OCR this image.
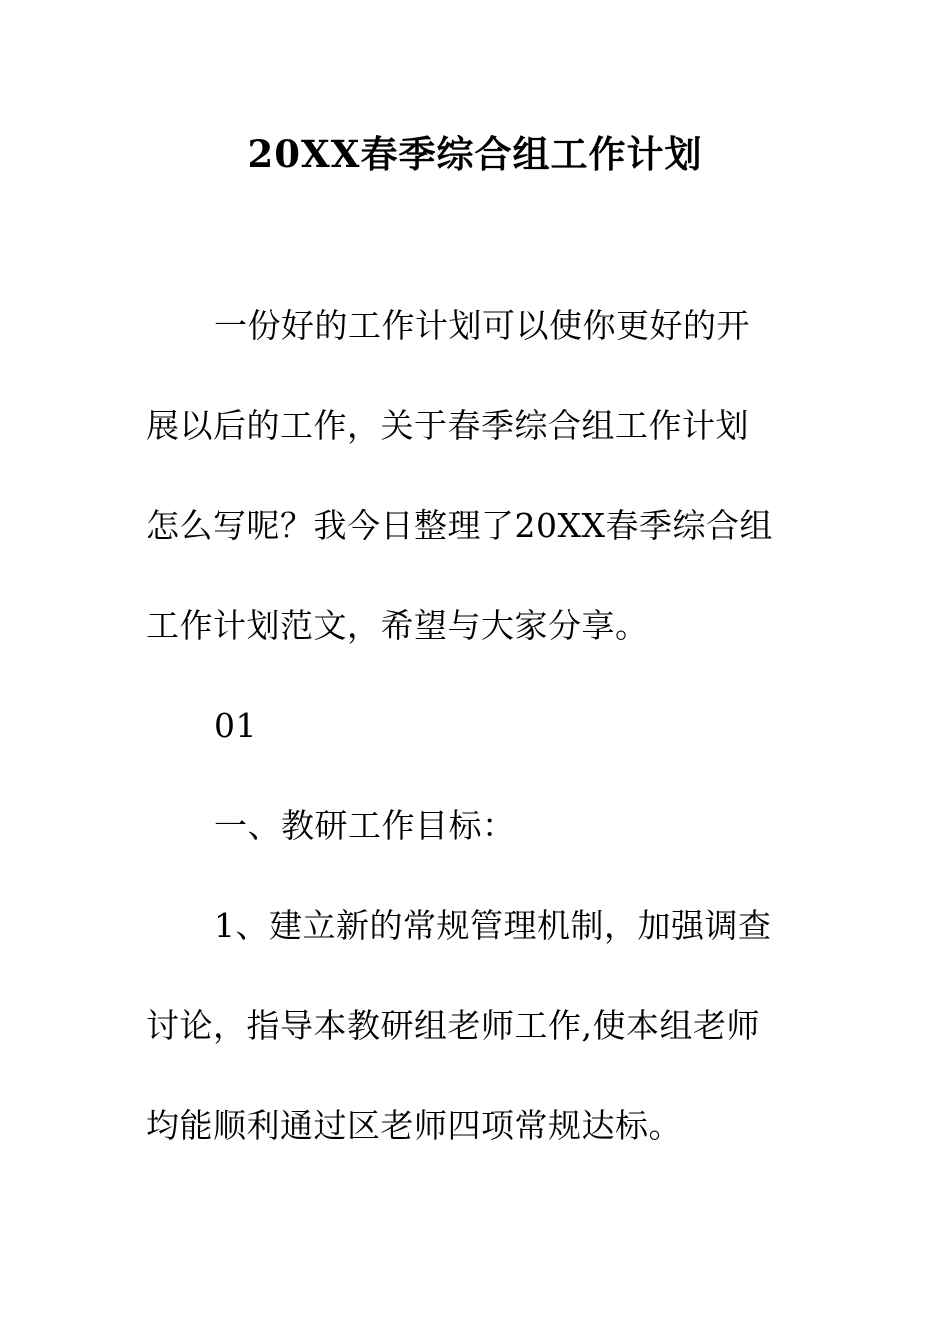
20XX春季综合组工作计划
一份好的工作计划可以使你更好的开
展以后的工作，关于春季综合组工作计划
怎么写呢？我今日整理了20XX春季综合组
工作计划范文，希望与大家分享。
01
一、教研工作目标：
1、建立新的常规管理机制，加强调查
讨论，指导本教研组老师工作,使本组老师
均能顺利通过区老师四项常规达标。
